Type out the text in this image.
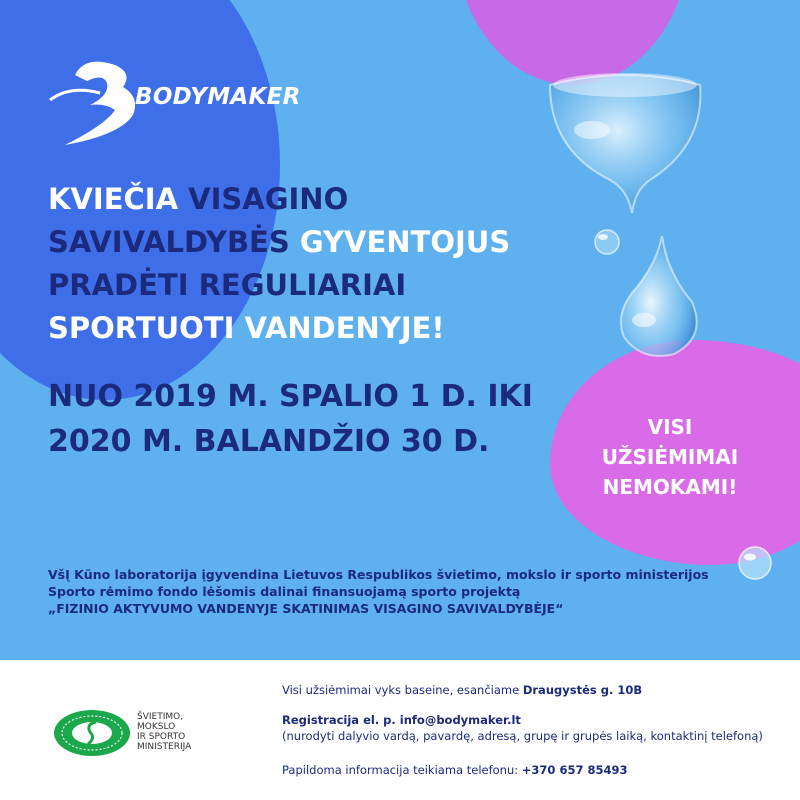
BODYMAKER
KVIEČIA VISAGINO
SAVIVALDYBĖS GYVENTOJUS
PRADĖTI REGULIARIAI
SPORTUOTI VANDENYJE!
NUO 2019 M. SPALIO 1 D. IKI
2020 M. BALANDŽIO 30 D.	VISI
UŽSIĖMIMAI
NEMOKAMI!
VšĮ Kūno laboratorija įgyvendina Lietuvos Respublikos švietimo, mokslo ir sporto ministerijos
Sporto rėmimo fondo lėšomis dalinai finansuojamą sporto projektą
„FIZINIO AKTYVUMO VANDENYJE SKATINIMAS VISAGINO SAVIVALDYBĖJE“
ŠVIETIMO,
MOKSLO
IR SPORTO
MINISTERIJA
Visi užsiėmimai vyks baseine, esančiame Draugystės g. 10B
Registracija el. p. info@bodymaker.lt
(nurodyti dalyvio vardą, pavardę, adresą, grupę ir grupės laiką, kontaktinį telefoną)
Papildoma informacija teikiama telefonu: +370 657 85493
